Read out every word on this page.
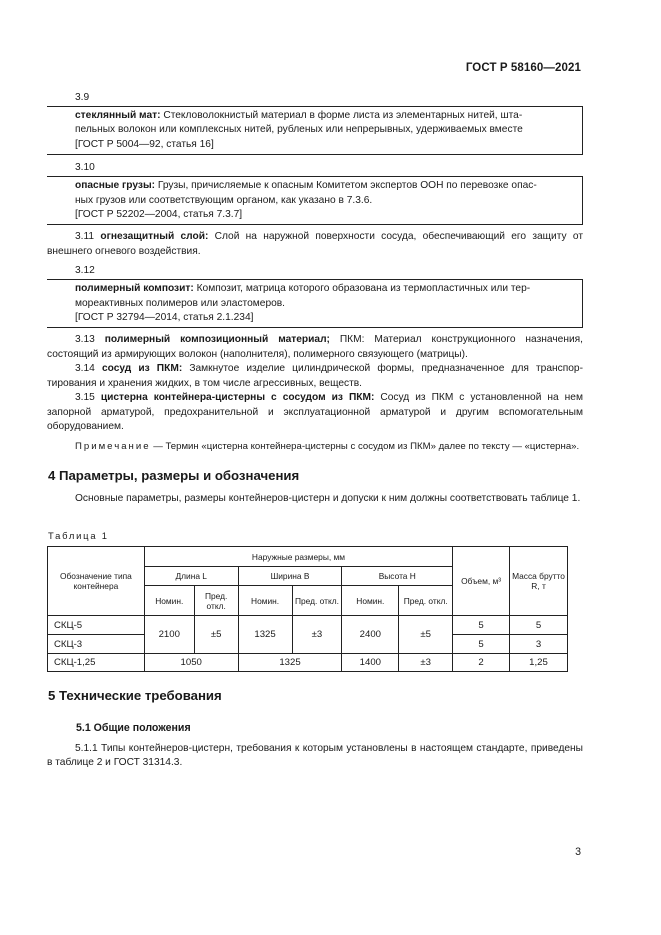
ГОСТ Р 58160—2021
3.9
стеклянный мат: Стекловолокнистый материал в форме листа из элементарных нитей, шта-
пельных волокон или комплексных нитей, рубленых или непрерывных, удерживаемых вместе
[ГОСТ Р 5004—92, статья 16]
3.10
опасные грузы: Грузы, причисляемые к опасным Комитетом экспертов ООН по перевозке опас-
ных грузов или соответствующим органом, как указано в 7.3.6.
[ГОСТ Р 52202—2004, статья 7.3.7]

3.11 огнезащитный слой: Слой на наружной поверхности сосуда, обеспечивающий его защиту от внешнего огневого воздействия.

3.12
полимерный композит: Композит, матрица которого образована из термопластичных или тер-
мореактивных полимеров или эластомеров.
[ГОСТ Р 32794—2014, статья 2.1.234]

3.13 полимерный композиционный материал; ПКМ: Материал конструкционного назначения, состоящий из армирующих волокон (наполнителя), полимерного связующего (матрицы).

3.14 сосуд из ПКМ: Замкнутое изделие цилиндрической формы, предназначенное для транспортирования и хранения жидких, в том числе агрессивных, веществ.

3.15 цистерна контейнера-цистерны с сосудом из ПКМ: Сосуд из ПКМ с установленной на нем запорной арматурой, предохранительной и эксплуатационной арматурой и другим вспомогательным оборудованием.

Примечание — Термин «цистерна контейнера-цистерны с сосудом из ПКМ» далее по тексту — «цистерна».

4 Параметры, размеры и обозначения
Основные параметры, размеры контейнеров-цистерн и допуски к ним должны соответствовать таблице 1.
Таблица 1
Обозначение типа контейнера	Наружные размеры, мм						Объем, м³	Масса брутто R, т
	Длина L		Ширина B		Высота H			
	Номин.	Пред. откл.	Номин.	Пред. откл.	Номин.	Пред. откл.		
СКЦ-5	2100	±5	1325	±3	2400	±5	5	5
СКЦ-3							5	3
СКЦ-1,25	1050		1325		1400	±3	2	1,25
5 Технические требования
5.1 Общие положения
5.1.1 Типы контейнеров-цистерн, требования к которым установлены в настоящем стандарте, приведены в таблице 2 и ГОСТ 31314.3.
3
